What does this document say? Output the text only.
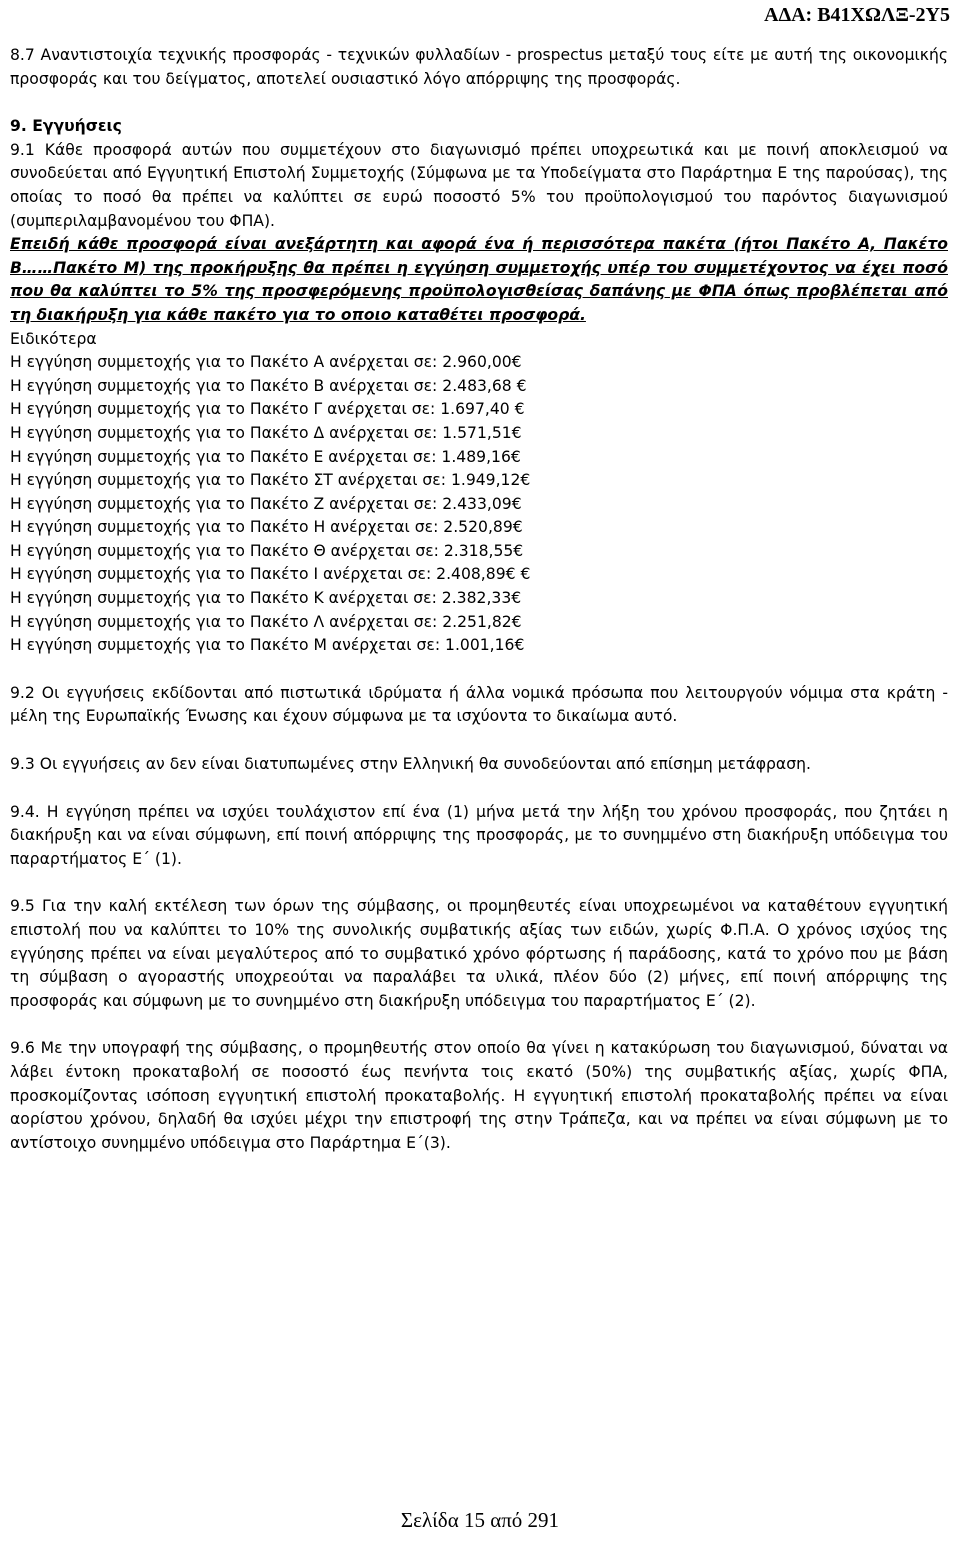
ΑΔΑ: Β41ΧΩΛΞ-2Υ5

8.7 Αναντιστοιχία τεχνικής προσφοράς - τεχνικών φυλλαδίων - prospectus μεταξύ τους είτε με αυτή της οικονομικής προσφοράς και του δείγματος, αποτελεί ουσιαστικό λόγο απόρριψης της προσφοράς.

9. Εγγυήσεις

9.1 Κάθε προσφορά αυτών που συμμετέχουν στο διαγωνισμό πρέπει υποχρεωτικά και με ποινή αποκλεισμού να συνοδεύεται από Εγγυητική Επιστολή Συμμετοχής (Σύμφωνα με τα Υποδείγματα στο Παράρτημα Ε της παρούσας), της οποίας το ποσό θα πρέπει να καλύπτει σε ευρώ ποσοστό 5% του προϋπολογισμού του παρόντος διαγωνισμού (συμπεριλαμβανομένου του ΦΠΑ).

Επειδή κάθε προσφορά είναι ανεξάρτητη και αφορά ένα ή περισσότερα πακέτα (ήτοι Πακέτο Α, Πακέτο Β……Πακέτο Μ) της προκήρυξης θα πρέπει η εγγύηση συμμετοχής υπέρ του συμμετέχοντος να έχει ποσό που θα καλύπτει το 5% της προσφερόμενης προϋπολογισθείσας δαπάνης με ΦΠΑ όπως προβλέπεται από τη διακήρυξη για κάθε πακέτο για το οποιο καταθέτει προσφορά.

Ειδικότερα

Η εγγύηση συμμετοχής για το Πακέτο Α ανέρχεται σε: 2.960,00€

Η εγγύηση συμμετοχής για το Πακέτο Β ανέρχεται σε: 2.483,68 €

Η εγγύηση συμμετοχής για το Πακέτο Γ ανέρχεται σε: 1.697,40 €

Η εγγύηση συμμετοχής για το Πακέτο Δ ανέρχεται σε: 1.571,51€

Η εγγύηση συμμετοχής για το Πακέτο Ε ανέρχεται σε: 1.489,16€

Η εγγύηση συμμετοχής για το Πακέτο ΣΤ ανέρχεται σε: 1.949,12€

Η εγγύηση συμμετοχής για το Πακέτο Ζ ανέρχεται σε: 2.433,09€

Η εγγύηση συμμετοχής για το Πακέτο Η ανέρχεται σε: 2.520,89€

Η εγγύηση συμμετοχής για το Πακέτο Θ ανέρχεται σε: 2.318,55€

Η εγγύηση συμμετοχής για το Πακέτο Ι ανέρχεται σε: 2.408,89€ €

Η εγγύηση συμμετοχής για το Πακέτο Κ ανέρχεται σε: 2.382,33€

Η εγγύηση συμμετοχής για το Πακέτο Λ ανέρχεται σε: 2.251,82€

Η εγγύηση συμμετοχής για το Πακέτο Μ ανέρχεται σε: 1.001,16€

9.2 Οι εγγυήσεις εκδίδονται από πιστωτικά ιδρύματα ή άλλα νομικά πρόσωπα που λειτουργούν νόμιμα στα κράτη - μέλη της Ευρωπαϊκής Ένωσης και έχουν σύμφωνα με τα ισχύοντα το δικαίωμα αυτό.

9.3 Οι εγγυήσεις αν δεν είναι διατυπωμένες στην Ελληνική θα συνοδεύονται από επίσημη μετάφραση.

9.4. Η εγγύηση πρέπει να ισχύει τουλάχιστον επί ένα (1) μήνα μετά την λήξη του χρόνου προσφοράς, που ζητάει η διακήρυξη και να είναι σύμφωνη, επί ποινή απόρριψης της προσφοράς, με το συνημμένο στη διακήρυξη υπόδειγμα του παραρτήματος Ε΄ (1).

9.5 Για την καλή εκτέλεση των όρων της σύμβασης, οι προμηθευτές είναι υποχρεωμένοι να καταθέτουν εγγυητική επιστολή που να καλύπτει το 10% της συνολικής συμβατικής αξίας των ειδών, χωρίς Φ.Π.Α. Ο χρόνος ισχύος της εγγύησης πρέπει να είναι μεγαλύτερος από το συμβατικό χρόνο φόρτωσης ή παράδοσης, κατά το χρόνο που με βάση τη σύμβαση ο αγοραστής υποχρεούται να παραλάβει τα υλικά, πλέον δύο (2) μήνες, επί ποινή απόρριψης της προσφοράς και σύμφωνη με το συνημμένο στη διακήρυξη υπόδειγμα του παραρτήματος Ε΄ (2).

9.6 Με την υπογραφή της σύμβασης, ο προμηθευτής στον οποίο θα γίνει η κατακύρωση του διαγωνισμού, δύναται να λάβει έντοκη προκαταβολή σε ποσοστό έως πενήντα τοις εκατό (50%) της συμβατικής αξίας, χωρίς ΦΠΑ, προσκομίζοντας ισόποση εγγυητική επιστολή προκαταβολής. Η εγγυητική επιστολή προκαταβολής πρέπει να είναι αορίστου χρόνου, δηλαδή θα ισχύει μέχρι την επιστροφή της στην Τράπεζα, και να πρέπει να είναι σύμφωνη με το αντίστοιχο συνημμένο υπόδειγμα στο Παράρτημα Ε΄(3).

Σελίδα 15 από 291
